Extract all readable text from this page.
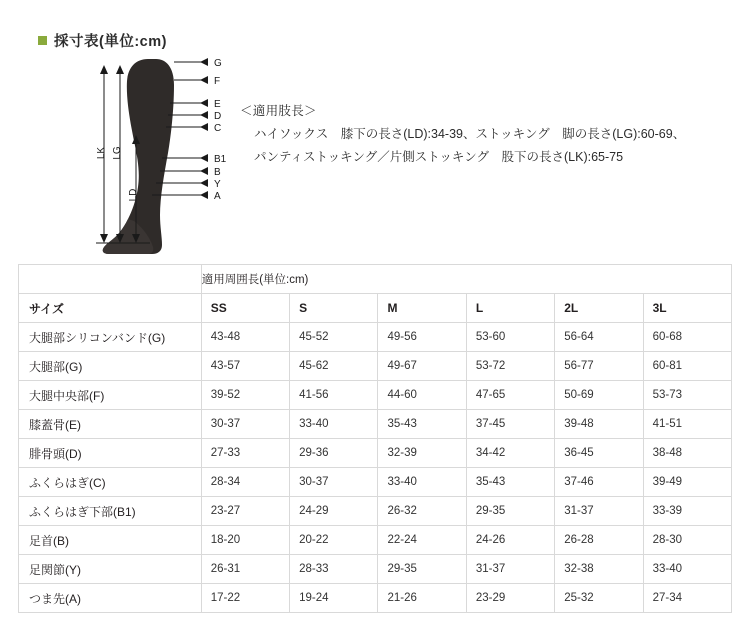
採寸表(単位:cm)
LK LG
LD
G
F
E
D
C
B1
B
Y
A
＜適用肢長＞
ハイソックス　膝下の長さ(LD):34-39、ストッキング　脚の長さ(LG):60-69、
パンティストッキング／片側ストッキング　股下の長さ(LK):65-75
	適用周囲長(単位:cm)					
サイズ	SS	S	M	L	2L	3L
大腿部シリコンバンド(G)	43-48	45-52	49-56	53-60	56-64	60-68
大腿部(G)	43-57	45-62	49-67	53-72	56-77	60-81
大腿中央部(F)	39-52	41-56	44-60	47-65	50-69	53-73
膝蓋骨(E)	30-37	33-40	35-43	37-45	39-48	41-51
腓骨頭(D)	27-33	29-36	32-39	34-42	36-45	38-48
ふくらはぎ(C)	28-34	30-37	33-40	35-43	37-46	39-49
ふくらはぎ下部(B1)	23-27	24-29	26-32	29-35	31-37	33-39
足首(B)	18-20	20-22	22-24	24-26	26-28	28-30
足関節(Y)	26-31	28-33	29-35	31-37	32-38	33-40
つま先(A)	17-22	19-24	21-26	23-29	25-32	27-34
